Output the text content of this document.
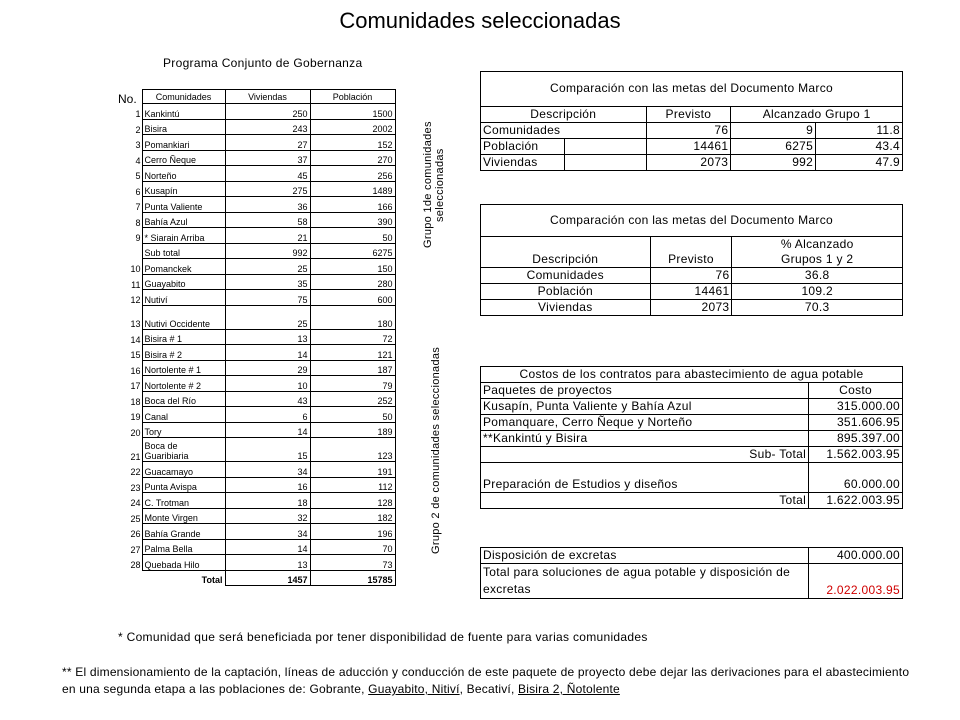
Comunidades seleccionadas
Programa Conjunto de Gobernanza
No.
	Comunidades	Viviendas	Población
1	Kankintú	250	1500
2	Bisira	243	2002
3	Pomankiari	27	152
4	Cerro Ñeque	37	270
5	Norteño	45	256
6	Kusapín	275	1489
7	Punta Valiente	36	166
8	Bahía Azul	58	390
9	* Siarain Arriba	21	50
	Sub total	992	6275
10	Pomanckek	25	150
11	Guayabito	35	280
12	Nutiví	75	600
13	Nutivi Occidente	25	180
14	Bisira # 1	13	72
15	Bisira # 2	14	121
16	Nortolente # 1	29	187
17	Nortolente # 2	10	79
18	Boca del Río	43	252
19	Canal	6	50
20	Tory	14	189
21	Boca de Guaribiaria	15	123
22	Guacamayo	34	191
23	Punta Avispa	16	112
24	C. Trotman	18	128
25	Monte Virgen	32	182
26	Bahía Grande	34	196
27	Palma Bella	14	70
28	Quebada Hilo	13	73
	Total	1457	15785
Grupo 1de comunidades seleccionadas
Grupo 2 de comunidades seleccionadas
Comparación con las metas del Documento Marco				
Descripción		Previsto	Alcanzado Grupo 1	
Comunidades		76	9	11.8
Población		14461	6275	43.4
Viviendas		2073	992	47.9
Comparación con las metas del Documento Marco		
Descripción	Previsto	% Alcanzado
Grupos 1 y 2
Comunidades	76	36.8
Población	14461	109.2
Viviendas	2073	70.3
Costos de los contratos para abastecimiento de agua potable	
Paquetes de proyectos	Costo
Kusapín, Punta Valiente y Bahía Azul	315.000.00
Pomanquare, Cerro Ñeque y Norteño	351.606.95
**Kankintú y Bisira	895.397.00
Sub- Total	1.562.003.95
Preparación de Estudios y diseños	60.000.00
Total	1.622.003.95
Disposición de excretas	400.000.00
Total para soluciones de agua potable y disposición de
excretas	2.022.003.95
* Comunidad que será beneficiada por tener disponibilidad de fuente para varias comunidades
** El dimensionamiento de la captación, líneas de aducción y conducción de este paquete de proyecto debe dejar las derivaciones para el abastecimiento en una segunda etapa a las poblaciones de: Gobrante, Guayabito, Nitiví, Becativí, Bisira 2, Ñotolente
